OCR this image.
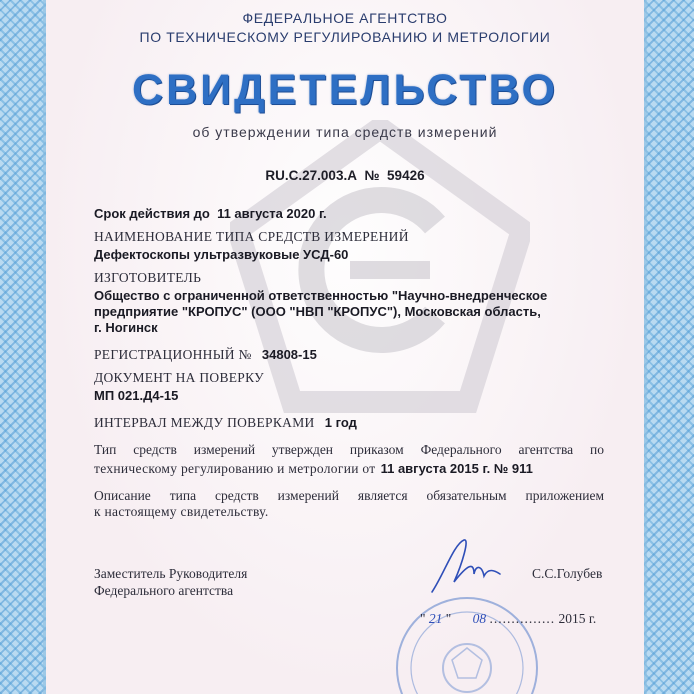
ФЕДЕРАЛЬНОЕ АГЕНТСТВО
ПО ТЕХНИЧЕСКОМУ РЕГУЛИРОВАНИЮ И МЕТРОЛОГИИ
СВИДЕТЕЛЬСТВО
об утверждении типа средств измерений
RU.C.27.003.A № 59426
Срок действия до 11 августа 2020 г.
НАИМЕНОВАНИЕ ТИПА СРЕДСТВ ИЗМЕРЕНИЙ
Дефектоскопы ультразвуковые УСД-60
ИЗГОТОВИТЕЛЬ
Общество с ограниченной ответственностью "Научно-внедренческое
предприятие "КРОПУС" (ООО "НВП "КРОПУС"), Московская область,
г. Ногинск
РЕГИСТРАЦИОННЫЙ № 34808-15
ДОКУМЕНТ НА ПОВЕРКУ
МП 021.Д4-15
ИНТЕРВАЛ МЕЖДУ ПОВЕРКАМИ 1 год
Тип средств измерений утвержден приказом Федерального агентства по
техническому регулированию и метрологии от 11 августа 2015 г. № 911
Описание типа средств измерений является обязательным приложением
к настоящему свидетельству.
Заместитель Руководителя
Федерального агентства
С.С.Голубев
" 21 " 08 ............... 2015 г.
